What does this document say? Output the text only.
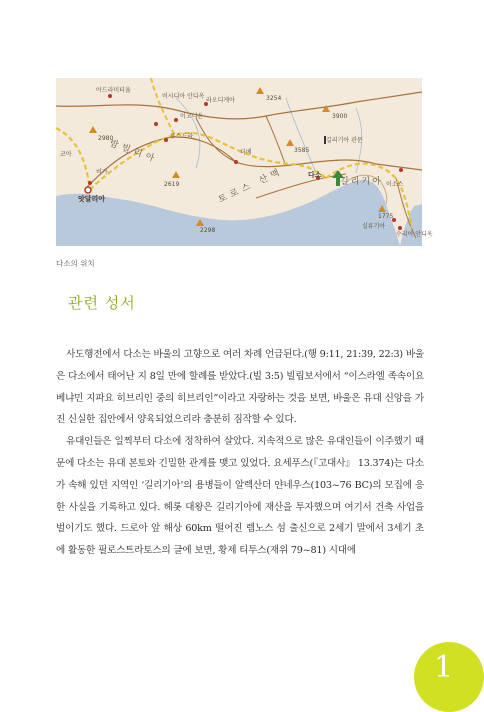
아드라미티움
비시디아 안디옥
라오디게아
이고니온
루스드라
더베
길리기아 관문
코아
버가
앗달리아
다소
이소스
실류기아
수리아 안디옥
밤빌리아
길리기아
토로스 산맥
2980
2619
2298
3585
3900
3254
1775
다소의 위치
관련 성서

사도행전에서 다소는 바울의 고향으로 여러 차례 언급된다.(행 9:11, 21:39, 22:3) 바울은 다소에서 태어난 지 8일 만에 할례를 받았다.(빌 3:5) 빌립보서에서 “이스라엘 족속이요 베냐민 지파요 히브리인 중의 히브리인”이라고 자랑하는 것을 보면, 바울은 유대 신앙을 가진 신실한 집안에서 양육되었으리라 충분히 짐작할 수 있다.

유대인들은 일찍부터 다소에 정착하여 살았다. 지속적으로 많은 유대인들이 이주했기 때문에 다소는 유대 본토와 긴밀한 관계를 맺고 있었다. 요세푸스(『고대사』 13.374)는 다소가 속해 있던 지역인 ‘길리기아’의 용병들이 알렉산더 얀네우스(103~76 BC)의 모집에 응한 사실을 기록하고 있다. 헤롯 대왕은 길리기아에 재산을 투자했으며 여기서 건축 사업을 벌이기도 했다. 드로아 앞 해상 60km 떨어진 렘노스 섬 출신으로 2세기 말에서 3세기 초에 활동한 필로스트라토스의 글에 보면, 황제 티투스(재위 79~81) 시대에

1
